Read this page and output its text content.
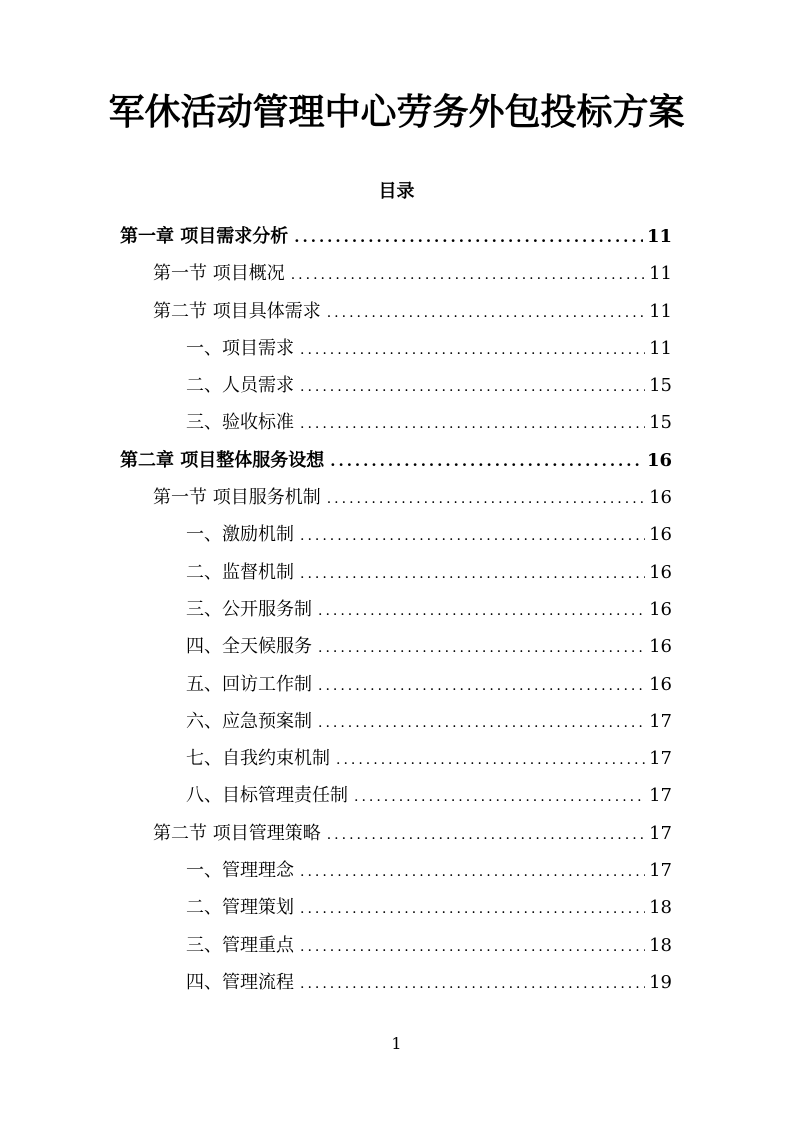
军休活动管理中心劳务外包投标方案
目录
第一章 项目需求分析 .....	11
第一节 项目概况 .....	11
第二节 项目具体需求 .....	11
一、项目需求 .....	11
二、人员需求 .....	15
三、验收标准 .....	15
第二章 项目整体服务设想 .....	16
第一节 项目服务机制 .....	16
一、激励机制 .....	16
二、监督机制 .....	16
三、公开服务制 .....	16
四、全天候服务 .....	16
五、回访工作制 .....	16
六、应急预案制 .....	17
七、自我约束机制 .....	17
八、目标管理责任制 .....	17
第二节 项目管理策略 .....	17
一、管理理念 .....	17
二、管理策划 .....	18
三、管理重点 .....	18
四、管理流程 .....	19
1
